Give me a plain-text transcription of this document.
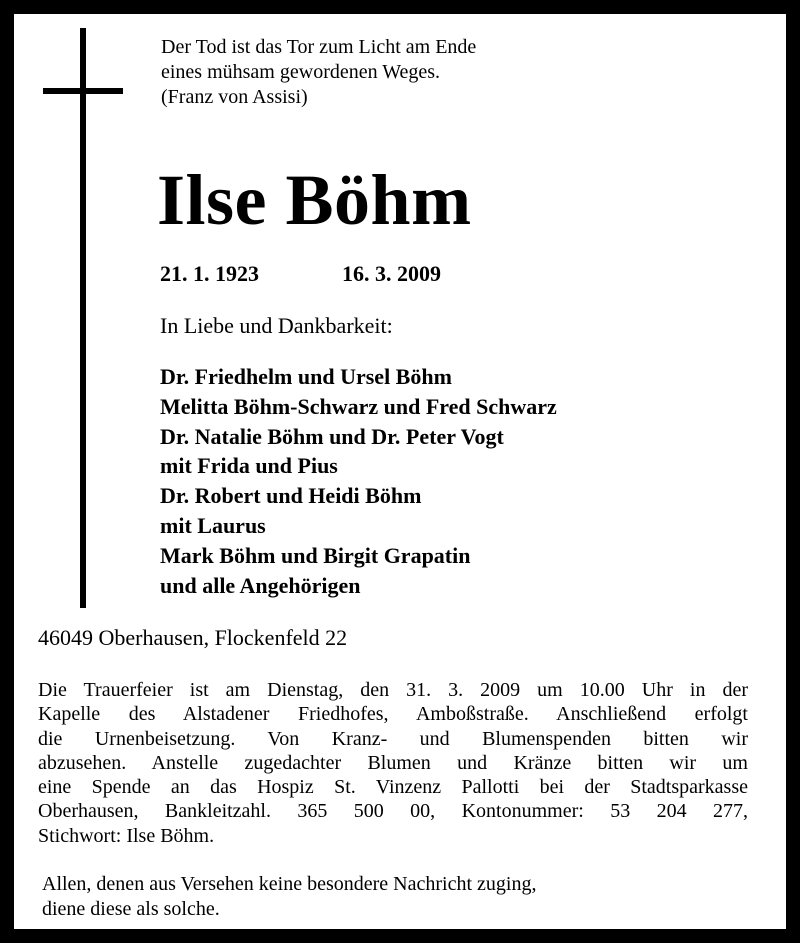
Der Tod ist das Tor zum Licht am Ende
eines mühsam gewordenen Weges.
(Franz von Assisi)
Ilse Böhm
21. 1. 1923	16. 3. 2009
In Liebe und Dankbarkeit:
Dr. Friedhelm und Ursel Böhm
Melitta Böhm-Schwarz und Fred Schwarz
Dr. Natalie Böhm und Dr. Peter Vogt
mit Frida und Pius
Dr. Robert und Heidi Böhm
mit Laurus
Mark Böhm und Birgit Grapatin
und alle Angehörigen
46049 Oberhausen, Flockenfeld 22
Die Trauerfeier ist am Dienstag, den 31. 3. 2009 um 10.00 Uhr in der
Kapelle des Alstadener Friedhofes, Amboßstraße. Anschließend erfolgt
die Urnenbeisetzung. Von Kranz- und Blumenspenden bitten wir
abzusehen. Anstelle zugedachter Blumen und Kränze bitten wir um
eine Spende an das Hospiz St. Vinzenz Pallotti bei der Stadtsparkasse
Oberhausen, Bankleitzahl. 365 500 00, Kontonummer: 53 204 277,
Stichwort: Ilse Böhm.
Allen, denen aus Versehen keine besondere Nachricht zuging,
diene diese als solche.
